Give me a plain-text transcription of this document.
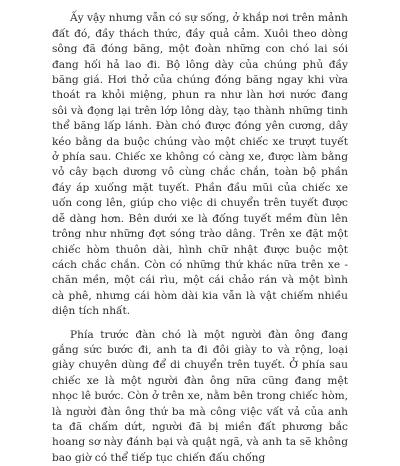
Ấy vậy nhưng vẫn có sự sống, ở khắp nơi trên mảnh đất đó, đầy thách thức, đầy quả cảm. Xuôi theo dòng sông đã đóng băng, một đoàn những con chó lai sói đang hối hả lao đi. Bộ lông dày của chúng phủ đầy băng giá. Hơi thở của chúng đóng băng ngay khi vừa thoát ra khỏi miệng, phun ra như làn hơi nước đang sôi và đọng lại trên lớp lông dày, tạo thành những tinh thể băng lấp lánh. Đàn chó được đóng yên cương, dây kéo bằng da buộc chúng vào một chiếc xe trượt tuyết ở phía sau. Chiếc xe không có càng xe, được làm bằng vỏ cây bạch dương vô cùng chắc chắn, toàn bộ phần đáy áp xuống mặt tuyết. Phần đầu mũi của chiếc xe uốn cong lên, giúp cho việc di chuyển trên tuyết được dễ dàng hơn. Bên dưới xe là đống tuyết mềm đùn lên trông như những đợt sóng trào dâng. Trên xe đặt một chiếc hòm thuôn dài, hình chữ nhật được buộc một cách chắc chắn. Còn có những thứ khác nữa trên xe - chăn mền, một cái rìu, một cái chảo rán và một bình cà phê, nhưng cái hòm dài kia vẫn là vật chiếm nhiều diện tích nhất.

Phía trước đàn chó là một người đàn ông đang gắng sức bước đi, anh ta đi đôi giày to và rộng, loại giày chuyên dùng để di chuyển trên tuyết. Ở phía sau chiếc xe là một người đàn ông nữa cũng đang mệt nhọc lê bước. Còn ở trên xe, nằm bên trong chiếc hòm, là người đàn ông thứ ba mà công việc vất vả của anh ta đã chấm dứt, người đã bị miền đất phương bắc hoang sơ này đánh bại và quật ngã, và anh ta sẽ không bao giờ có thể tiếp tục chiến đấu chống
